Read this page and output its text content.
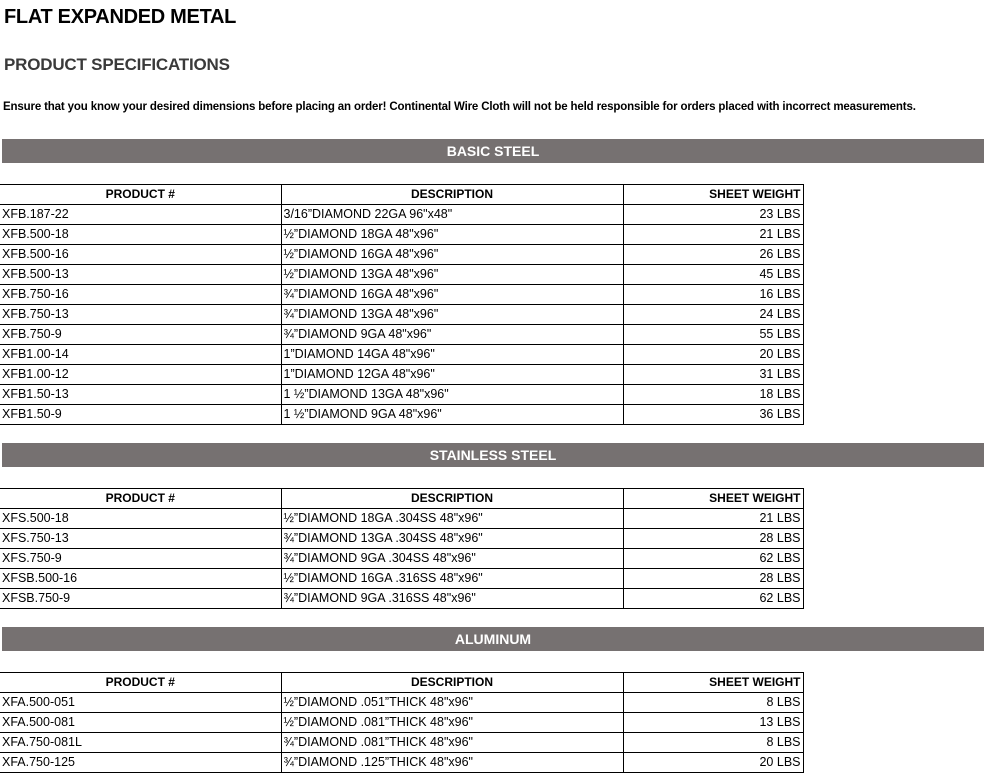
FLAT EXPANDED METAL
PRODUCT SPECIFICATIONS
Ensure that you know your desired dimensions before placing an order! Continental Wire Cloth will not be held responsible for orders placed with incorrect measurements.
BASIC STEEL
PRODUCT #	DESCRIPTION	SHEET WEIGHT
XFB.187-22	3/16”DIAMOND 22GA 96"x48"	23 LBS
XFB.500-18	½”DIAMOND 18GA 48"x96"	21 LBS
XFB.500-16	½”DIAMOND 16GA 48"x96"	26 LBS
XFB.500-13	½”DIAMOND 13GA 48"x96"	45 LBS
XFB.750-16	¾”DIAMOND 16GA 48"x96"	16 LBS
XFB.750-13	¾”DIAMOND 13GA 48"x96"	24 LBS
XFB.750-9	¾”DIAMOND 9GA 48"x96"	55 LBS
XFB1.00-14	1”DIAMOND 14GA 48"x96"	20 LBS
XFB1.00-12	1”DIAMOND 12GA 48"x96"	31 LBS
XFB1.50-13	1 ½”DIAMOND 13GA 48"x96"	18 LBS
XFB1.50-9	1 ½”DIAMOND 9GA 48"x96"	36 LBS
STAINLESS STEEL
PRODUCT #	DESCRIPTION	SHEET WEIGHT
XFS.500-18	½”DIAMOND 18GA .304SS 48"x96"	21 LBS
XFS.750-13	¾”DIAMOND 13GA .304SS 48"x96"	28 LBS
XFS.750-9	¾”DIAMOND 9GA .304SS 48"x96"	62 LBS
XFSB.500-16	½”DIAMOND 16GA .316SS 48"x96"	28 LBS
XFSB.750-9	¾”DIAMOND 9GA .316SS 48"x96"	62 LBS
ALUMINUM
PRODUCT #	DESCRIPTION	SHEET WEIGHT
XFA.500-051	½”DIAMOND .051”THICK 48"x96"	8 LBS
XFA.500-081	½”DIAMOND .081”THICK 48"x96"	13 LBS
XFA.750-081L	¾”DIAMOND .081”THICK 48"x96"	8 LBS
XFA.750-125	¾”DIAMOND .125”THICK 48"x96"	20 LBS
